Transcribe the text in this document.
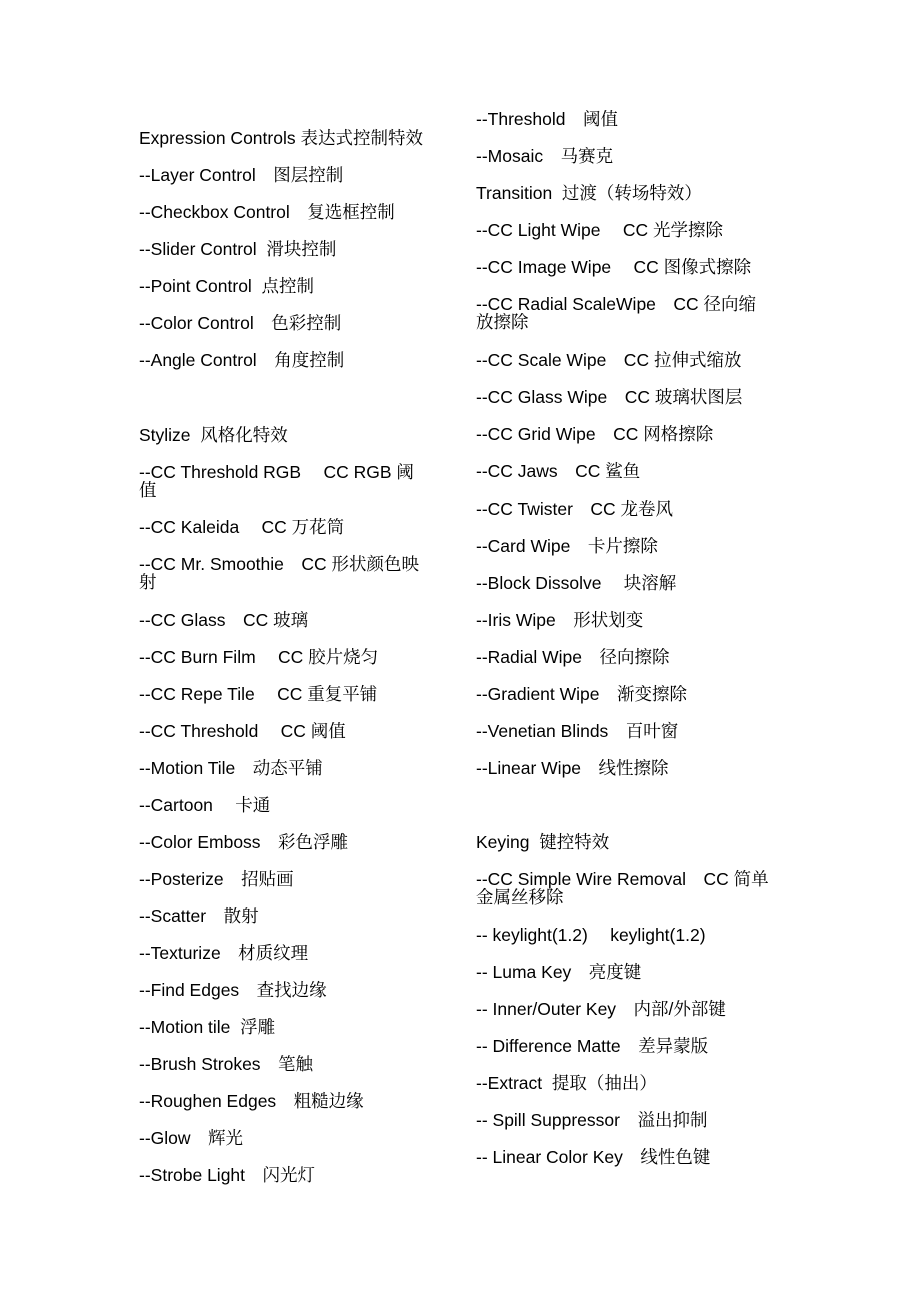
Expression Controls 表达式控制特效
--Layer Control　图层控制
--Checkbox Control　复选框控制
--Slider Control  滑块控制
--Point Control  点控制
--Color Control　色彩控制
--Angle Control　角度控制
Stylize  风格化特效
--CC Threshold RGB　 CC RGB 阈
值
--CC Kaleida　 CC 万花筒
--CC Mr. Smoothie　CC 形状颜色映
射
--CC Glass　CC 玻璃
--CC Burn Film　 CC 胶片烧匀
--CC Repe Tile　 CC 重复平铺
--CC Threshold　 CC 阈值
--Motion Tile　动态平铺
--Cartoon　 卡通
--Color Emboss　彩色浮雕
--Posterize　招贴画
--Scatter　散射
--Texturize　材质纹理
--Find Edges　查找边缘
--Motion tile  浮雕
--Brush Strokes　笔触
--Roughen Edges　粗糙边缘
--Glow　辉光
--Strobe Light　闪光灯
--Threshold　阈值
--Mosaic　马赛克
Transition  过渡（转场特效）
--CC Light Wipe　 CC 光学擦除
--CC Image Wipe　 CC 图像式擦除
--CC Radial ScaleWipe　CC 径向缩
放擦除
--CC Scale Wipe　CC 拉伸式缩放
--CC Glass Wipe　CC 玻璃状图层
--CC Grid Wipe　CC 网格擦除
--CC Jaws　CC 鲨鱼
--CC Twister　CC 龙卷风
--Card Wipe　卡片擦除
--Block Dissolve　 块溶解
--Iris Wipe　形状划变
--Radial Wipe　径向擦除
--Gradient Wipe　渐变擦除
--Venetian Blinds　百叶窗
--Linear Wipe　线性擦除
Keying  键控特效
--CC Simple Wire Removal　CC 简单
金属丝移除
-- keylight(1.2)　 keylight(1.2)
-- Luma Key　亮度键
-- Inner/Outer Key　内部/外部键
-- Difference Matte　差异蒙版
--Extract  提取（抽出）
-- Spill Suppressor　溢出抑制
-- Linear Color Key　线性色键
